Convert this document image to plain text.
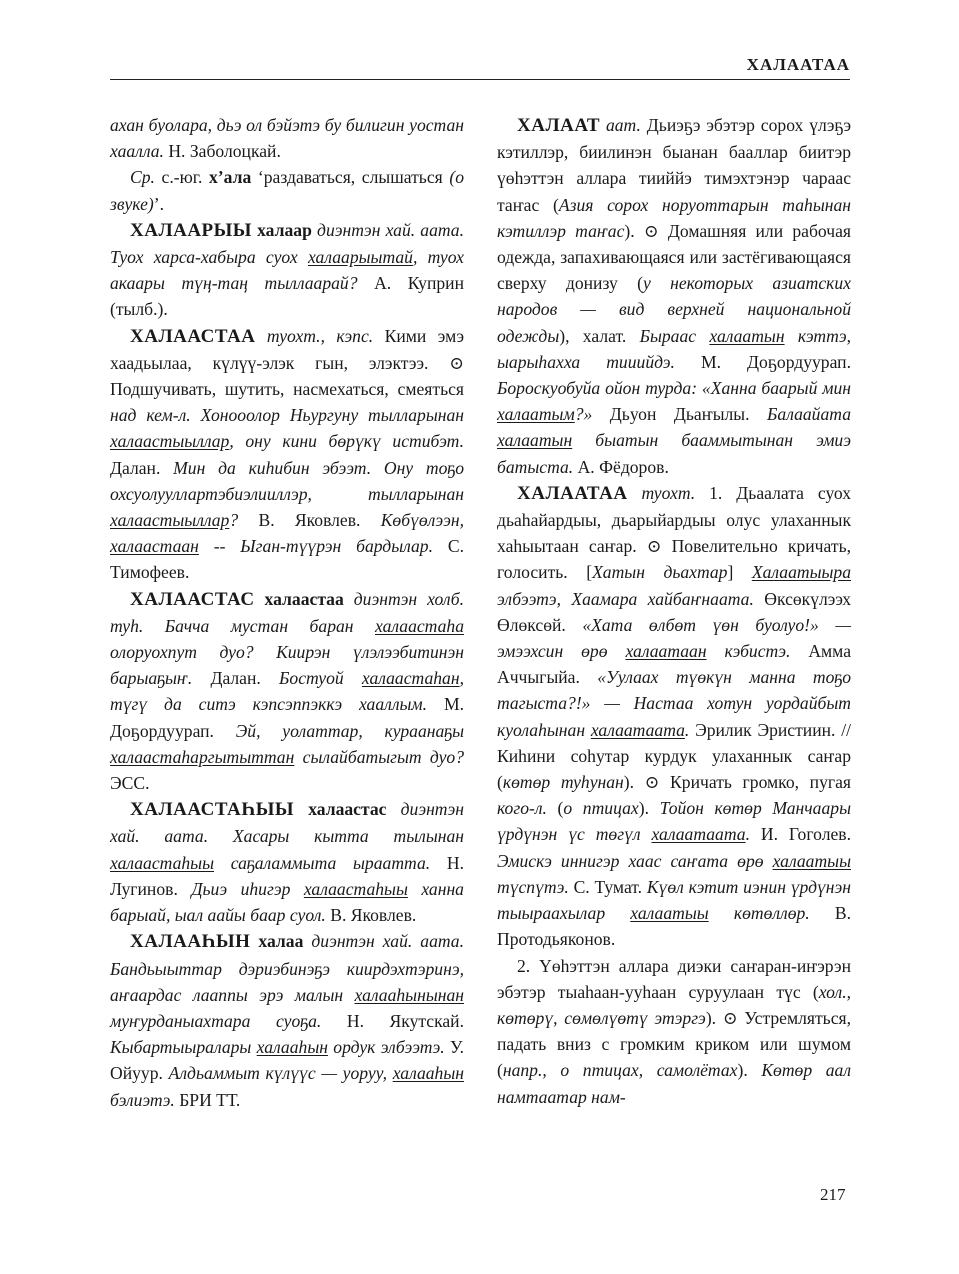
ХАЛААТАА

ахан буолара, дьэ ол бэйэтэ бу билигин уостан хаалла. Н. Заболоцкай.

Ср. с.-юг. х’ала ‘раздаваться, слышаться (о звуке)’.

ХАЛААРЫЫ халаар диэнтэн хай. аата. Туох харса-хабыра суох халаарыытай, туох акаары түң-таң тыллаарай? А. Куприн (тылб.).

ХАЛААСТАА туохт., кэпс. Кими эмэ хаадьылаа, күлүү-элэк гын, элэктээ. ⊙ Подшучивать, шутить, насмехаться, смеяться над кем-л. Хонооолор Ньургуну тылларынан халаастыыллар, ону кини бөрүкү истибэт. Далан. Мин да киһибин эбээт. Ону тоҕо охсуолууллартэбиэлииллэр, тылларынан халаастыыллар? В. Яковлев. Көбүөлээн, халаастаан -- Ыган-түүрэн бардылар. С. Тимофеев.

ХАЛААСТАС халаастаа диэнтэн холб. туһ. Бачча мустан баран халаастаһа олоруохпут дуо? Киирэн үлэлээбитинэн барыаҕыҥ. Далан. Бостуой халаастаһан, түгү да ситэ кэпсэппэккэ хааллым. М. Доҕордуурап. Эй, уолаттар, кураанаҕы халаастаһаргытыттан сылайбатыгыт дуо? ЭСС.

ХАЛААСТАҺЫЫ халаастас диэнтэн хай. аата. Хасары кытта тылынан халаастаһыы саҕаламмыта ыраатта. Н. Лугинов. Дьиэ иһигэр халаастаһыы ханна барыай, ыал аайы баар суол. В. Яковлев.

ХАЛААҺЫН халаа диэнтэн хай. аата. Бандьыыттар дэриэбинэҕэ киирдэхтэринэ, аҥаардас лааппы эрэ малын халааһынынан муҥурданыахтара суоҕа. Н. Якутскай. Кыбартыыралары халааһын ордук элбээтэ. У. Ойуур. Алдьаммыт күлүүс — уоруу, халааһын бэлиэтэ. БРИ ТТ.

ХАЛААТ аат. Дьиэҕэ эбэтэр сорох үлэҕэ кэтиллэр, биилинэн быанан бааллар биитэр үөһэттэн аллара тииййэ тимэхтэнэр чараас таҥас (Азия сорох норуоттарын таһынан кэтиллэр таҥас). ⊙ Домашняя или рабочая одежда, запахивающаяся или застёгивающаяся сверху донизу (у некоторых азиатских народов — вид верхней национальной одежды), халат. Быраас халаатын кэттэ, ыарыһахха тииийдэ. М. Доҕордуурап. Бороскуобуйа ойон турда: «Ханна баарый мин халаатым?» Дьуон Дьаҥылы. Балаайата халаатын быатын бааммытынан эмиэ батыста. А. Фёдоров.

ХАЛААТАА туохт. 1. Дьаалата суох дьаһайардыы, дьарыйардыы олус улаханнык хаһыытаан саҥар. ⊙ Повелительно кричать, голосить. [Хатын дьахтар] Халаатыыра элбээтэ, Хаамара хайбаҥнаата. Өксөкүлээх Өлөксөй. «Хата өлбөт үөн буолуо!» — эмээхсин өрө халаатаан кэбистэ. Амма Аччыгыйа. «Уулаах түөкүн манна тоҕо тагыста?!» — Настаа хотун уордайбыт куолаһынан халаатаата. Эрилик Эристиин. // Киһини соһутар курдук улаханнык саҥар (көтөр туһунан). ⊙ Кричать громко, пугая кого-л. (о птицах). Тойон көтөр Манчаары үрдүнэн үс төгүл халаатаата. И. Гоголев. Эмискэ иннигэр хаас саҥата өрө халаатыы түспүтэ. С. Тумат. Күөл кэтит иэнин үрдүнэн тыыраахылар халаатыы көтөллөр. В. Протодьяконов.

2. Үөһэттэн аллара диэки саҥаран-иҥэрэн эбэтэр тыаһаан-ууһаан суруулаан түс (хол., көтөрү, сөмөлүөтү этэргэ). ⊙ Устремляться, падать вниз с громким криком или шумом (напр., о птицах, самолётах). Көтөр аал намтаатар нам-

217
